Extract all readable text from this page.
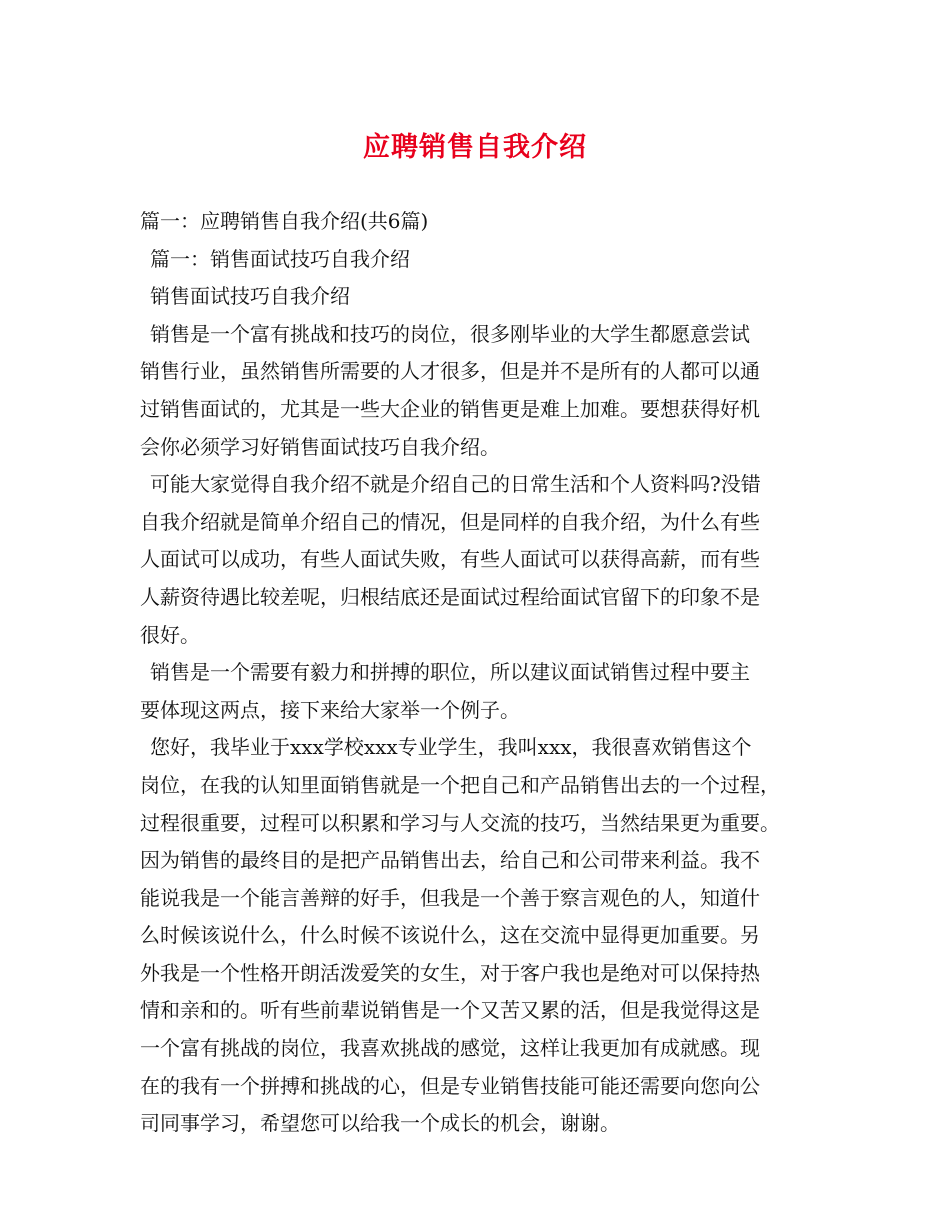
应聘销售自我介绍
篇一：应聘销售自我介绍(共6篇)
篇一：销售面试技巧自我介绍
销售面试技巧自我介绍
销售是一个富有挑战和技巧的岗位，很多刚毕业的大学生都愿意尝试
销售行业，虽然销售所需要的人才很多，但是并不是所有的人都可以通
过销售面试的，尤其是一些大企业的销售更是难上加难。要想获得好机
会你必须学习好销售面试技巧自我介绍。
可能大家觉得自我介绍不就是介绍自己的日常生活和个人资料吗?没错
自我介绍就是简单介绍自己的情况，但是同样的自我介绍，为什么有些
人面试可以成功，有些人面试失败，有些人面试可以获得高薪，而有些
人薪资待遇比较差呢，归根结底还是面试过程给面试官留下的印象不是
很好。
销售是一个需要有毅力和拼搏的职位，所以建议面试销售过程中要主
要体现这两点，接下来给大家举一个例子。
您好，我毕业于xxx学校xxx专业学生，我叫xxx，我很喜欢销售这个
岗位，在我的认知里面销售就是一个把自己和产品销售出去的一个过程，
过程很重要，过程可以积累和学习与人交流的技巧，当然结果更为重要。
因为销售的最终目的是把产品销售出去，给自己和公司带来利益。我不
能说我是一个能言善辩的好手，但我是一个善于察言观色的人，知道什
么时候该说什么，什么时候不该说什么，这在交流中显得更加重要。另
外我是一个性格开朗活泼爱笑的女生，对于客户我也是绝对可以保持热
情和亲和的。听有些前辈说销售是一个又苦又累的活，但是我觉得这是
一个富有挑战的岗位，我喜欢挑战的感觉，这样让我更加有成就感。现
在的我有一个拼搏和挑战的心，但是专业销售技能可能还需要向您向公
司同事学习，希望您可以给我一个成长的机会，谢谢。
